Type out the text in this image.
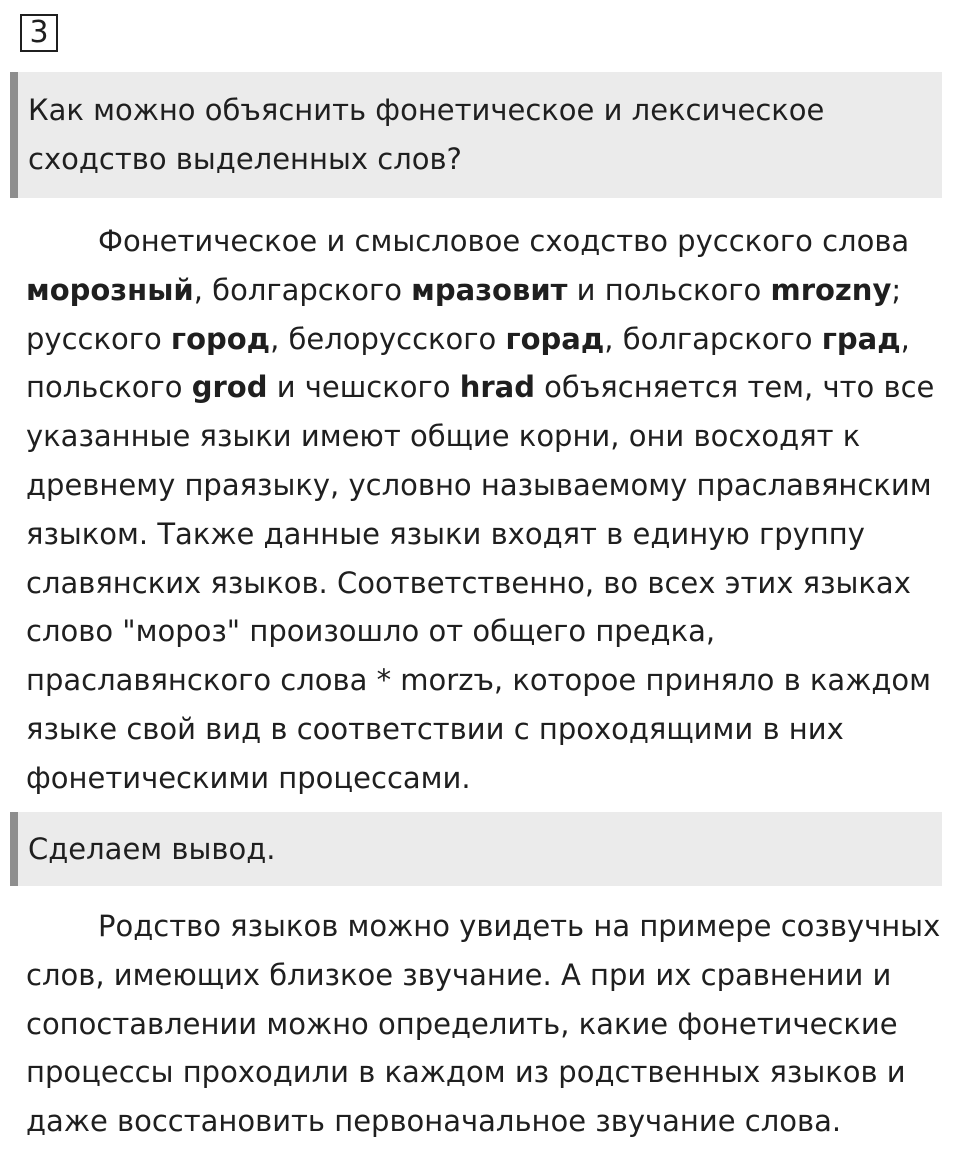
3
Как можно объяснить фонетическое и лексическое сходство выделенных слов?

Фонетическое и смысловое сходство русского слова морозный, болгарского мразовит и польского mrozny; русского город, белорусского горад, болгарского град, польского grod и чешского hrad объясняется тем, что все указанные языки имеют общие корни, они восходят к древнему праязыку, условно называемому праславянским языком. Также данные языки входят в единую группу славянских языков. Соответственно, во всех этих языках слово "мороз" произошло от общего предка, праславянского слова * morzъ, которое приняло в каждом языке свой вид в соответствии с проходящими в них фонетическими процессами.

Сделаем вывод.

Родство языков можно увидеть на примере созвучных слов, имеющих близкое звучание. А при их сравнении и сопоставлении можно определить, какие фонетические процессы проходили в каждом из родственных языков и даже восстановить первоначальное звучание слова.
